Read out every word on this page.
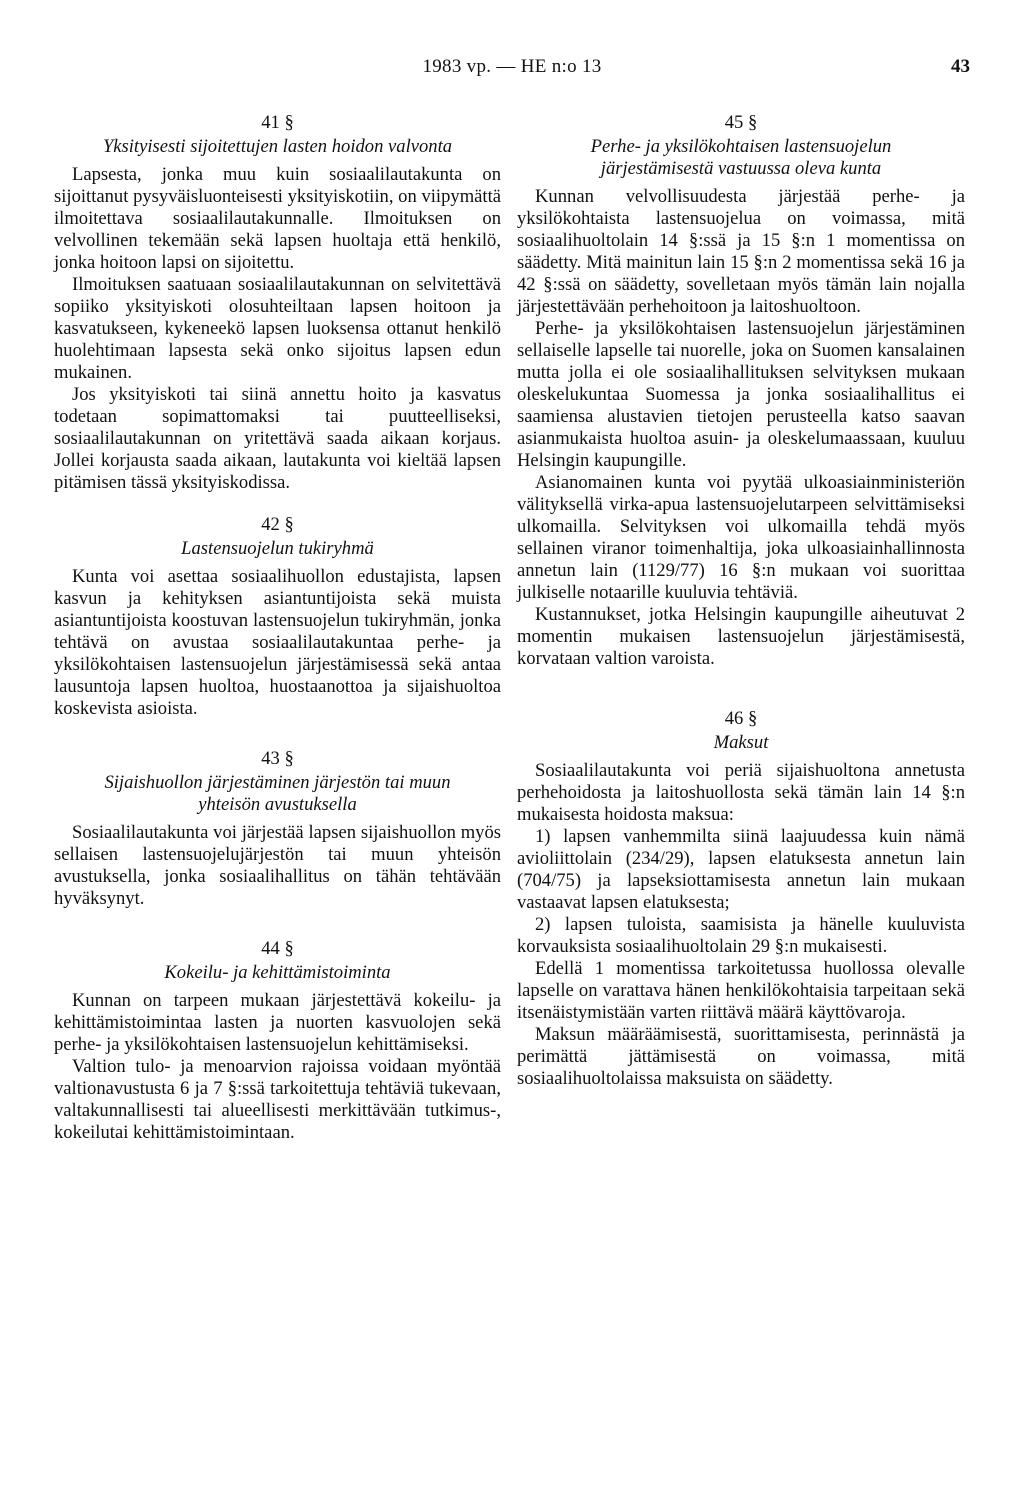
1983 vp. — HE n:o 13	43
41 §
Yksityisesti sijoitettujen lasten hoidon valvonta

Lapsesta, jonka muu kuin sosiaalilautakunta on sijoittanut pysyväisluonteisesti yksityiskotiin, on viipymättä ilmoitettava sosiaalilautakunnalle. Ilmoituksen on velvollinen tekemään sekä lapsen huoltaja että henkilö, jonka hoitoon lapsi on sijoitettu.

Ilmoituksen saatuaan sosiaalilautakunnan on selvitettävä sopiiko yksityiskoti olosuhteiltaan lapsen hoitoon ja kasvatukseen, kykeneekö lapsen luoksensa ottanut henkilö huolehtimaan lapsesta sekä onko sijoitus lapsen edun mukainen.

Jos yksityiskoti tai siinä annettu hoito ja kasvatus todetaan sopimattomaksi tai puutteelliseksi, sosiaalilautakunnan on yritettävä saada aikaan korjaus. Jollei korjausta saada aikaan, lautakunta voi kieltää lapsen pitämisen tässä yksityiskodissa.

42 §
Lastensuojelun tukiryhmä

Kunta voi asettaa sosiaalihuollon edustajista, lapsen kasvun ja kehityksen asiantuntijoista sekä muista asiantuntijoista koostuvan lastensuojelun tukiryhmän, jonka tehtävä on avustaa sosiaalilautakuntaa perhe- ja yksilökohtaisen lastensuojelun järjestämisessä sekä antaa lausuntoja lapsen huoltoa, huostaanottoa ja sijaishuoltoa koskevista asioista.

43 §
Sijaishuollon järjestäminen järjestön tai muun yhteisön avustuksella

Sosiaalilautakunta voi järjestää lapsen sijaishuollon myös sellaisen lastensuojelujärjestön tai muun yhteisön avustuksella, jonka sosiaalihallitus on tähän tehtävään hyväksynyt.

44 §
Kokeilu- ja kehittämistoiminta

Kunnan on tarpeen mukaan järjestettävä kokeilu- ja kehittämistoimintaa lasten ja nuorten kasvuolojen sekä perhe- ja yksilökohtaisen lastensuojelun kehittämiseksi.

Valtion tulo- ja menoarvion rajoissa voidaan myöntää valtionavustusta 6 ja 7 §:ssä tarkoitettuja tehtäviä tukevaan, valtakunnallisesti tai alueellisesti merkittävään tutkimus-, kokeilutai kehittämistoimintaan.

45 §
Perhe- ja yksilökohtaisen lastensuojelun järjestämisestä vastuussa oleva kunta

Kunnan velvollisuudesta järjestää perhe- ja yksilökohtaista lastensuojelua on voimassa, mitä sosiaalihuoltolain 14 §:ssä ja 15 §:n 1 momentissa on säädetty. Mitä mainitun lain 15 §:n 2 momentissa sekä 16 ja 42 §:ssä on säädetty, sovelletaan myös tämän lain nojalla järjestettävään perhehoitoon ja laitoshuoltoon.

Perhe- ja yksilökohtaisen lastensuojelun järjestäminen sellaiselle lapselle tai nuorelle, joka on Suomen kansalainen mutta jolla ei ole sosiaalihallituksen selvityksen mukaan oleskelukuntaa Suomessa ja jonka sosiaalihallitus ei saamiensa alustavien tietojen perusteella katso saavan asianmukaista huoltoa asuin- ja oleskelumaassaan, kuuluu Helsingin kaupungille.

Asianomainen kunta voi pyytää ulkoasiainministeriön välityksellä virka-apua lastensuojelutarpeen selvittämiseksi ulkomailla. Selvityksen voi ulkomailla tehdä myös sellainen viranor toimenhaltija, joka ulkoasiainhallinnosta annetun lain (1129/77) 16 §:n mukaan voi suorittaa julkiselle notaarille kuuluvia tehtäviä.

Kustannukset, jotka Helsingin kaupungille aiheutuvat 2 momentin mukaisen lastensuojelun järjestämisestä, korvataan valtion varoista.

46 §
Maksut

Sosiaalilautakunta voi periä sijaishuoltona annetusta perhehoidosta ja laitoshuollosta sekä tämän lain 14 §:n mukaisesta hoidosta maksua:

1) lapsen vanhemmilta siinä laajuudessa kuin nämä avioliittolain (234/29), lapsen elatuksesta annetun lain (704/75) ja lapseksiottamisesta annetun lain mukaan vastaavat lapsen elatuksesta;

2) lapsen tuloista, saamisista ja hänelle kuuluvista korvauksista sosiaalihuoltolain 29 §:n mukaisesti.

Edellä 1 momentissa tarkoitetussa huollossa olevalle lapselle on varattava hänen henkilökohtaisia tarpeitaan sekä itsenäistymistään varten riittävä määrä käyttövaroja.

Maksun määräämisestä, suorittamisesta, perinnästä ja perimättä jättämisestä on voimassa, mitä sosiaalihuoltolaissa maksuista on säädetty.
